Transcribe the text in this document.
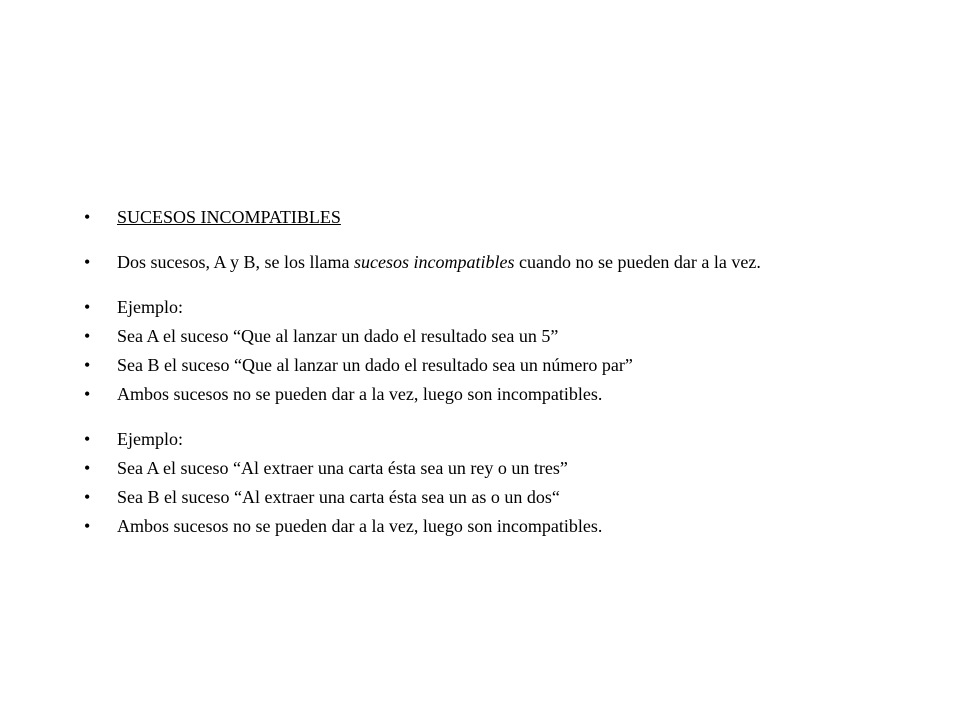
• SUCESOS INCOMPATIBLES
• Dos sucesos, A y B, se los llama sucesos incompatibles cuando no se pueden dar a la vez.
• Ejemplo:
• Sea A el suceso “Que al lanzar un dado el resultado sea un 5”
• Sea B el suceso “Que al lanzar un dado el resultado sea un número par”
• Ambos sucesos no se pueden dar a la vez, luego son incompatibles.
• Ejemplo:
• Sea A el suceso “Al extraer una carta ésta sea un rey o un tres”
• Sea B el suceso “Al extraer una carta ésta sea un as o un dos“
• Ambos sucesos no se pueden dar a la vez, luego son incompatibles.
